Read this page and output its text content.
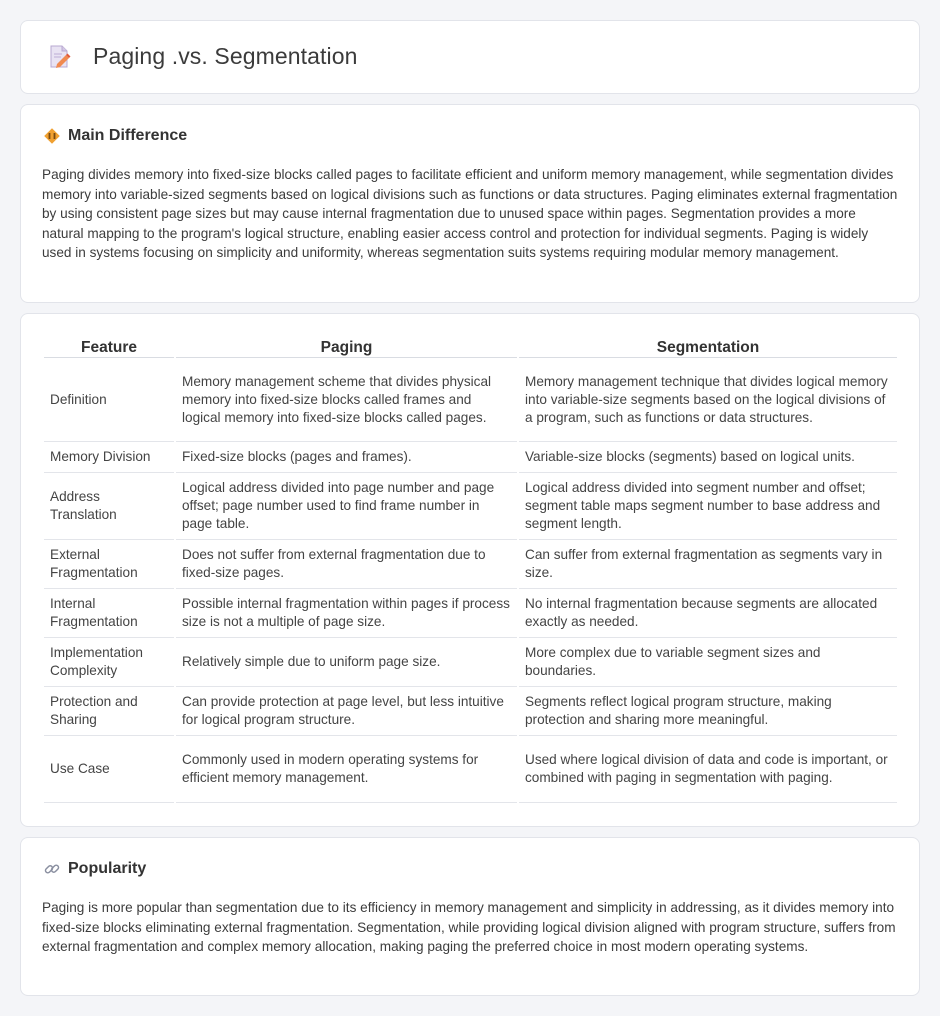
Paging .vs. Segmentation
Main Difference

Paging divides memory into fixed-size blocks called pages to facilitate efficient and uniform memory management, while segmentation divides memory into variable-sized segments based on logical divisions such as functions or data structures. Paging eliminates external fragmentation by using consistent page sizes but may cause internal fragmentation due to unused space within pages. Segmentation provides a more natural mapping to the program's logical structure, enabling easier access control and protection for individual segments. Paging is widely used in systems focusing on simplicity and uniformity, whereas segmentation suits systems requiring modular memory management.

Feature	Paging	Segmentation
Definition	Memory management scheme that divides physical memory into fixed-size blocks called frames and logical memory into fixed-size blocks called pages.	Memory management technique that divides logical memory into variable-size segments based on the logical divisions of a program, such as functions or data structures.
Memory Division	Fixed-size blocks (pages and frames).	Variable-size blocks (segments) based on logical units.
Address Translation	Logical address divided into page number and page offset; page number used to find frame number in page table.	Logical address divided into segment number and offset; segment table maps segment number to base address and segment length.
External Fragmentation	Does not suffer from external fragmentation due to fixed-size pages.	Can suffer from external fragmentation as segments vary in size.
Internal Fragmentation	Possible internal fragmentation within pages if process size is not a multiple of page size.	No internal fragmentation because segments are allocated exactly as needed.
Implementation Complexity	Relatively simple due to uniform page size.	More complex due to variable segment sizes and boundaries.
Protection and Sharing	Can provide protection at page level, but less intuitive for logical program structure.	Segments reflect logical program structure, making protection and sharing more meaningful.
Use Case	Commonly used in modern operating systems for efficient memory management.	Used where logical division of data and code is important, or combined with paging in segmentation with paging.
Popularity

Paging is more popular than segmentation due to its efficiency in memory management and simplicity in addressing, as it divides memory into fixed-size blocks eliminating external fragmentation. Segmentation, while providing logical division aligned with program structure, suffers from external fragmentation and complex memory allocation, making paging the preferred choice in most modern operating systems.
